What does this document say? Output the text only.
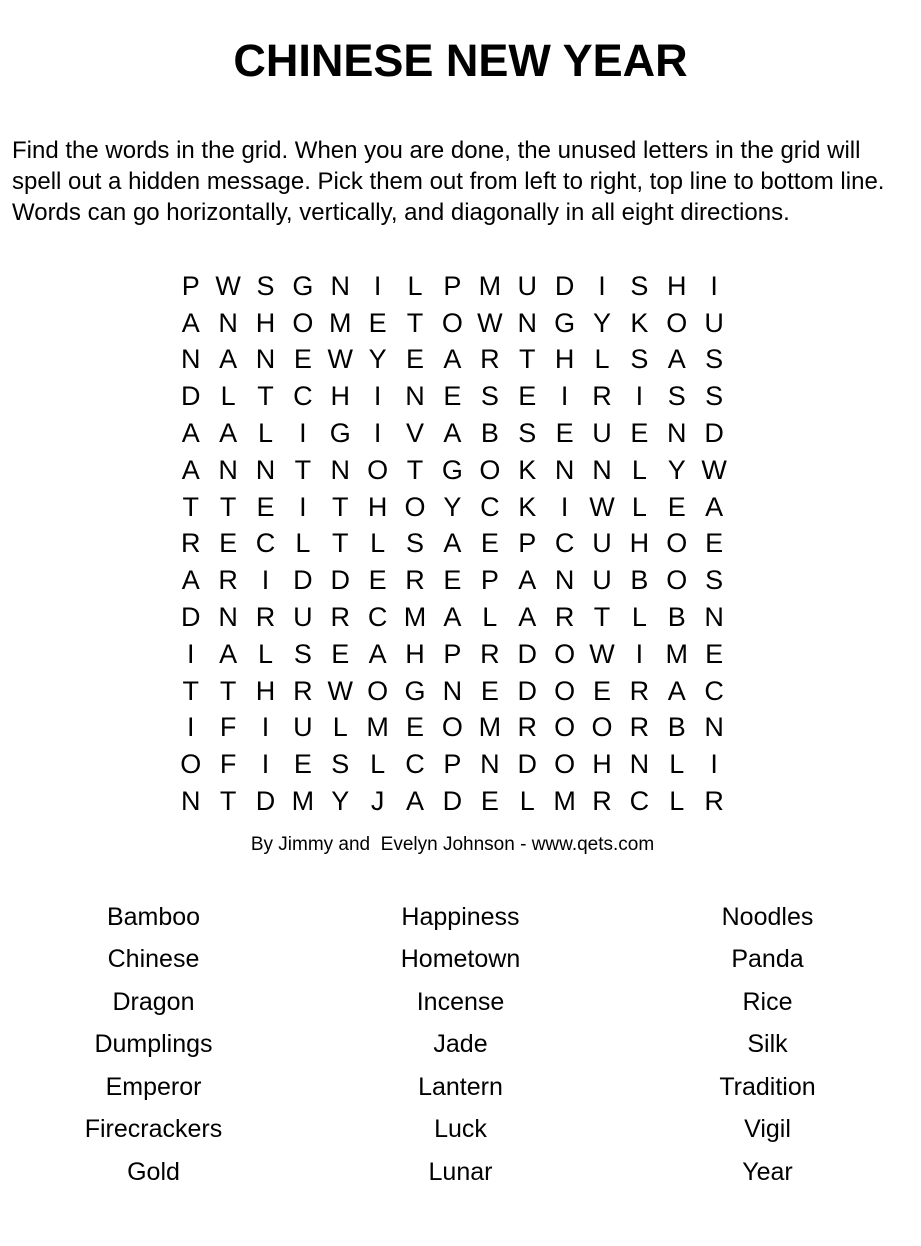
CHINESE NEW YEAR

Find the words in the grid. When you are done, the unused letters in the grid will spell out a hidden message. Pick them out from left to right, top line to bottom line. Words can go horizontally, vertically, and diagonally in all eight directions.

P W S G N I L P M U D I S H I
A N H O M E T O W N G Y K O U
N A N E W Y E A R T H L S A S
D L T C H I N E S E I R I S S
A A L I G I V A B S E U E N D
A N N T N O T G O K N N L Y W
T T E I T H O Y C K I W L E A
R E C L T L S A E P C U H O E
A R I D D E R E P A N U B O S
D N R U R C M A L A R T L B N
I A L S E A H P R D O W I M E
T T H R W O G N E D O E R A C
I F I U L M E O M R O O R B N
O F I E S L C P N D O H N L I
N T D M Y J A D E L M R C L R
By Jimmy and  Evelyn Johnson - www.qets.com
Bamboo
Chinese
Dragon
Dumplings
Emperor
Firecrackers
Gold
Happiness
Hometown
Incense
Jade
Lantern
Luck
Lunar
Noodles
Panda
Rice
Silk
Tradition
Vigil
Year
